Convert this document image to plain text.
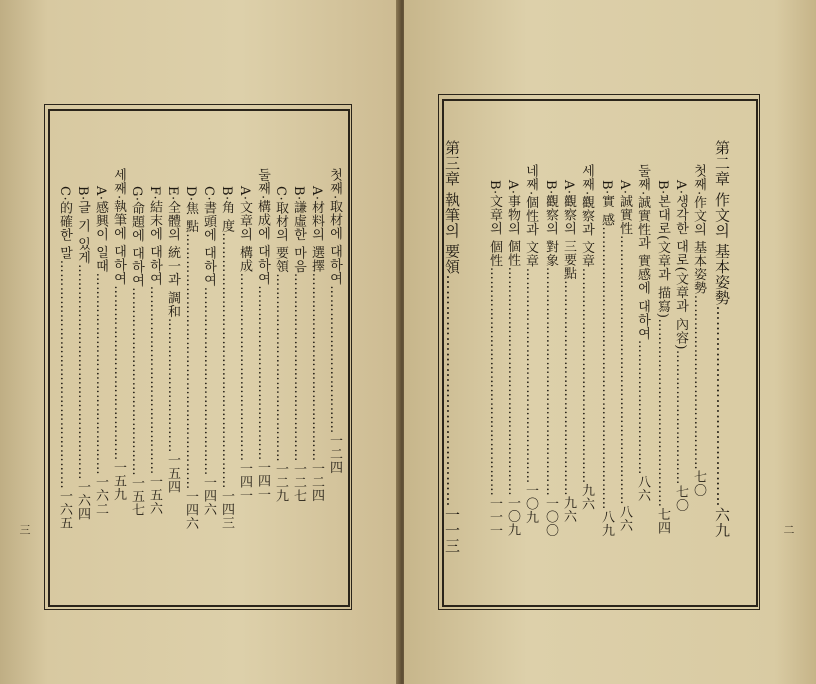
첫째·取材에 대하여……………………………一二四
A·材料의 選擇……………………………………一二四
B·謙虛한 마음……………………………………一二七
C·取材의 要領……………………………………一二九
둘째·構成에 대하여…………………………………一四一
A·文章의 構成……………………………………一四一
B·角 度…………………………………………………一四三
C·書頭에 대하여……………………………………一四六
D·焦 點…………………………………………………一四六
E·全體의 統一과 調和…………………………一五四
F·結末에 대하여……………………………………一五六
G·命題에 대하여……………………………………一五七
세째·執筆에 대하여…………………………………一五九
A·感興이 일때………………………………………一六二
B·글 기 있게…………………………………………一六四
C·的確한 말……………………………………………一六五
三	第二章 作文의 基本姿勢…………………………………六九
첫째·作文의 基本姿勢…………………………………七〇
A·생각한 대로(文章과 內容)…………………………七〇
B·본대로(文章과 描寫)……………………………………七四
둘째·誠實性과 實感에 대하여…………………………八六
A·誠實性……………………………………………………八六
B·實 感………………………………………………………八九
세째·觀察과 文章…………………………………………九六
A·觀察의 三要點…………………………………………九六
B·觀察의 對象……………………………………………一〇〇
네째·個性과 文章…………………………………………一〇九
A·事物의 個性……………………………………………一〇九
B·文章의 個性……………………………………………一一一
第三章 執筆의 要領………………………………………一一三	二
